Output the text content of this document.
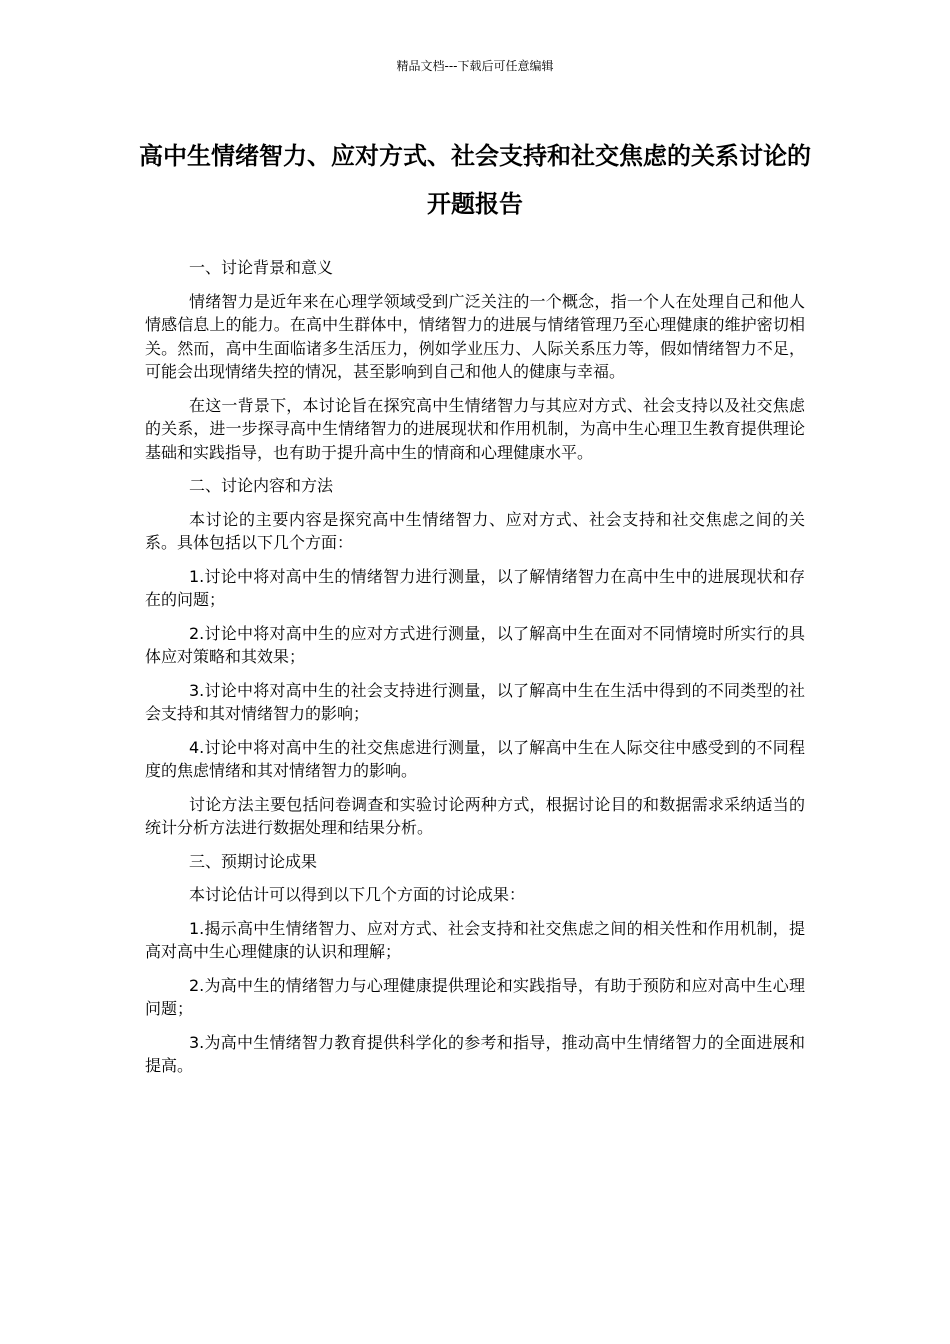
精品文档---下载后可任意编辑
高中生情绪智力、应对方式、社会支持和社交焦虑的关系讨论的开题报告

一、讨论背景和意义

情绪智力是近年来在心理学领域受到广泛关注的一个概念，指一个人在处理自己和他人情感信息上的能力。在高中生群体中，情绪智力的进展与情绪管理乃至心理健康的维护密切相关。然而，高中生面临诸多生活压力，例如学业压力、人际关系压力等，假如情绪智力不足，可能会出现情绪失控的情况，甚至影响到自己和他人的健康与幸福。

在这一背景下，本讨论旨在探究高中生情绪智力与其应对方式、社会支持以及社交焦虑的关系，进一步探寻高中生情绪智力的进展现状和作用机制，为高中生心理卫生教育提供理论基础和实践指导，也有助于提升高中生的情商和心理健康水平。

二、讨论内容和方法

本讨论的主要内容是探究高中生情绪智力、应对方式、社会支持和社交焦虑之间的关系。具体包括以下几个方面：

1.讨论中将对高中生的情绪智力进行测量，以了解情绪智力在高中生中的进展现状和存在的问题；

2.讨论中将对高中生的应对方式进行测量，以了解高中生在面对不同情境时所实行的具体应对策略和其效果；

3.讨论中将对高中生的社会支持进行测量，以了解高中生在生活中得到的不同类型的社会支持和其对情绪智力的影响；

4.讨论中将对高中生的社交焦虑进行测量，以了解高中生在人际交往中感受到的不同程度的焦虑情绪和其对情绪智力的影响。

讨论方法主要包括问卷调查和实验讨论两种方式，根据讨论目的和数据需求采纳适当的统计分析方法进行数据处理和结果分析。

三、预期讨论成果

本讨论估计可以得到以下几个方面的讨论成果：

1.揭示高中生情绪智力、应对方式、社会支持和社交焦虑之间的相关性和作用机制，提高对高中生心理健康的认识和理解；

2.为高中生的情绪智力与心理健康提供理论和实践指导，有助于预防和应对高中生心理问题；

3.为高中生情绪智力教育提供科学化的参考和指导，推动高中生情绪智力的全面进展和提高。
